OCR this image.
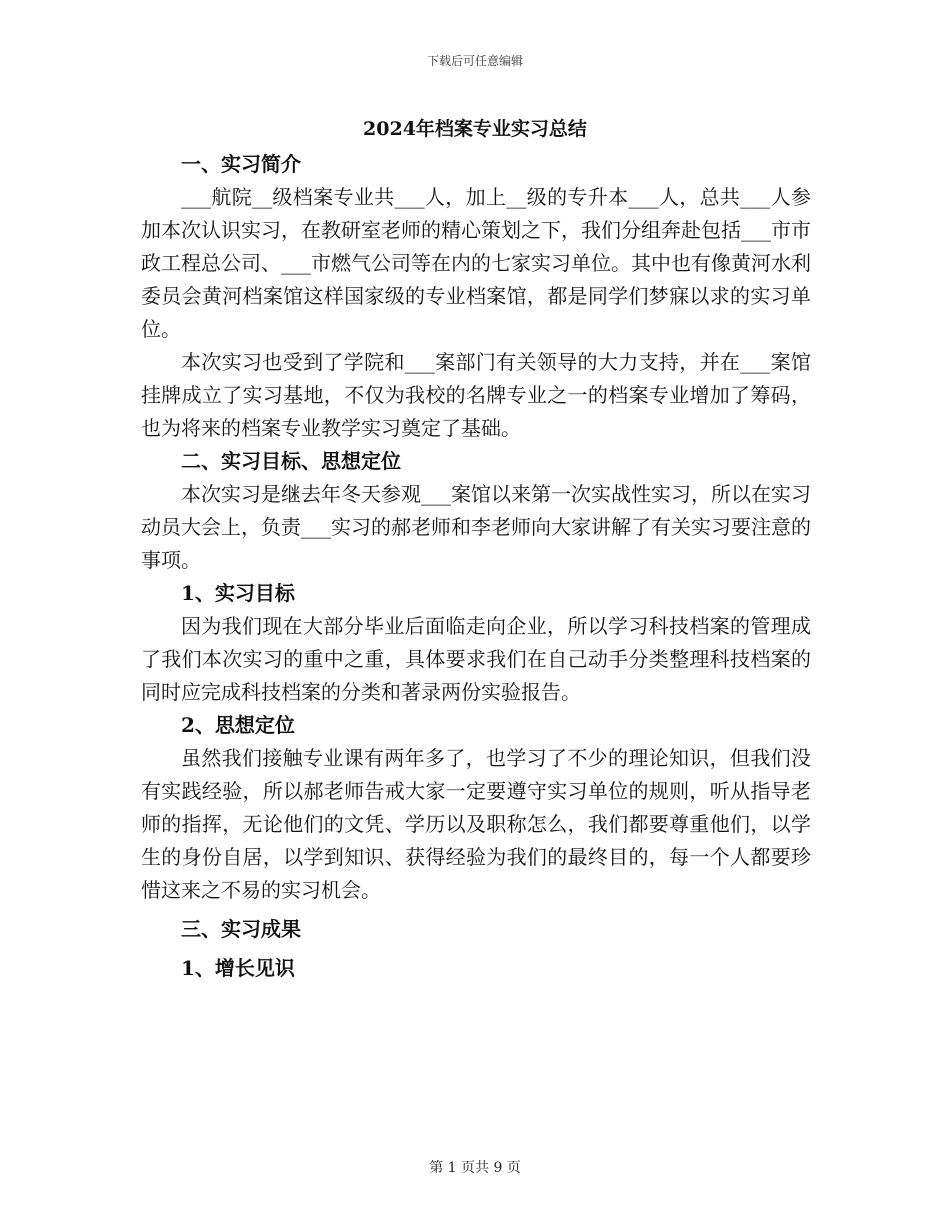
下载后可任意编辑
2024年档案专业实习总结
一、实习简介

___航院__级档案专业共___人，加上__级的专升本___人，总共___人参加本次认识实习，在教研室老师的精心策划之下，我们分组奔赴包括___市市政工程总公司、___市燃气公司等在内的七家实习单位。其中也有像黄河水利委员会黄河档案馆这样国家级的专业档案馆，都是同学们梦寐以求的实习单位。

本次实习也受到了学院和___案部门有关领导的大力支持，并在___案馆挂牌成立了实习基地，不仅为我校的名牌专业之一的档案专业增加了筹码，也为将来的档案专业教学实习奠定了基础。

二、实习目标、思想定位

本次实习是继去年冬天参观___案馆以来第一次实战性实习，所以在实习动员大会上，负责___实习的郝老师和李老师向大家讲解了有关实习要注意的事项。

1、实习目标

因为我们现在大部分毕业后面临走向企业，所以学习科技档案的管理成了我们本次实习的重中之重，具体要求我们在自己动手分类整理科技档案的同时应完成科技档案的分类和著录两份实验报告。

2、思想定位

虽然我们接触专业课有两年多了，也学习了不少的理论知识，但我们没有实践经验，所以郝老师告戒大家一定要遵守实习单位的规则，听从指导老师的指挥，无论他们的文凭、学历以及职称怎么，我们都要尊重他们，以学生的身份自居，以学到知识、获得经验为我们的最终目的，每一个人都要珍惜这来之不易的实习机会。

三、实习成果
1、增长见识
第 1 页共 9 页
